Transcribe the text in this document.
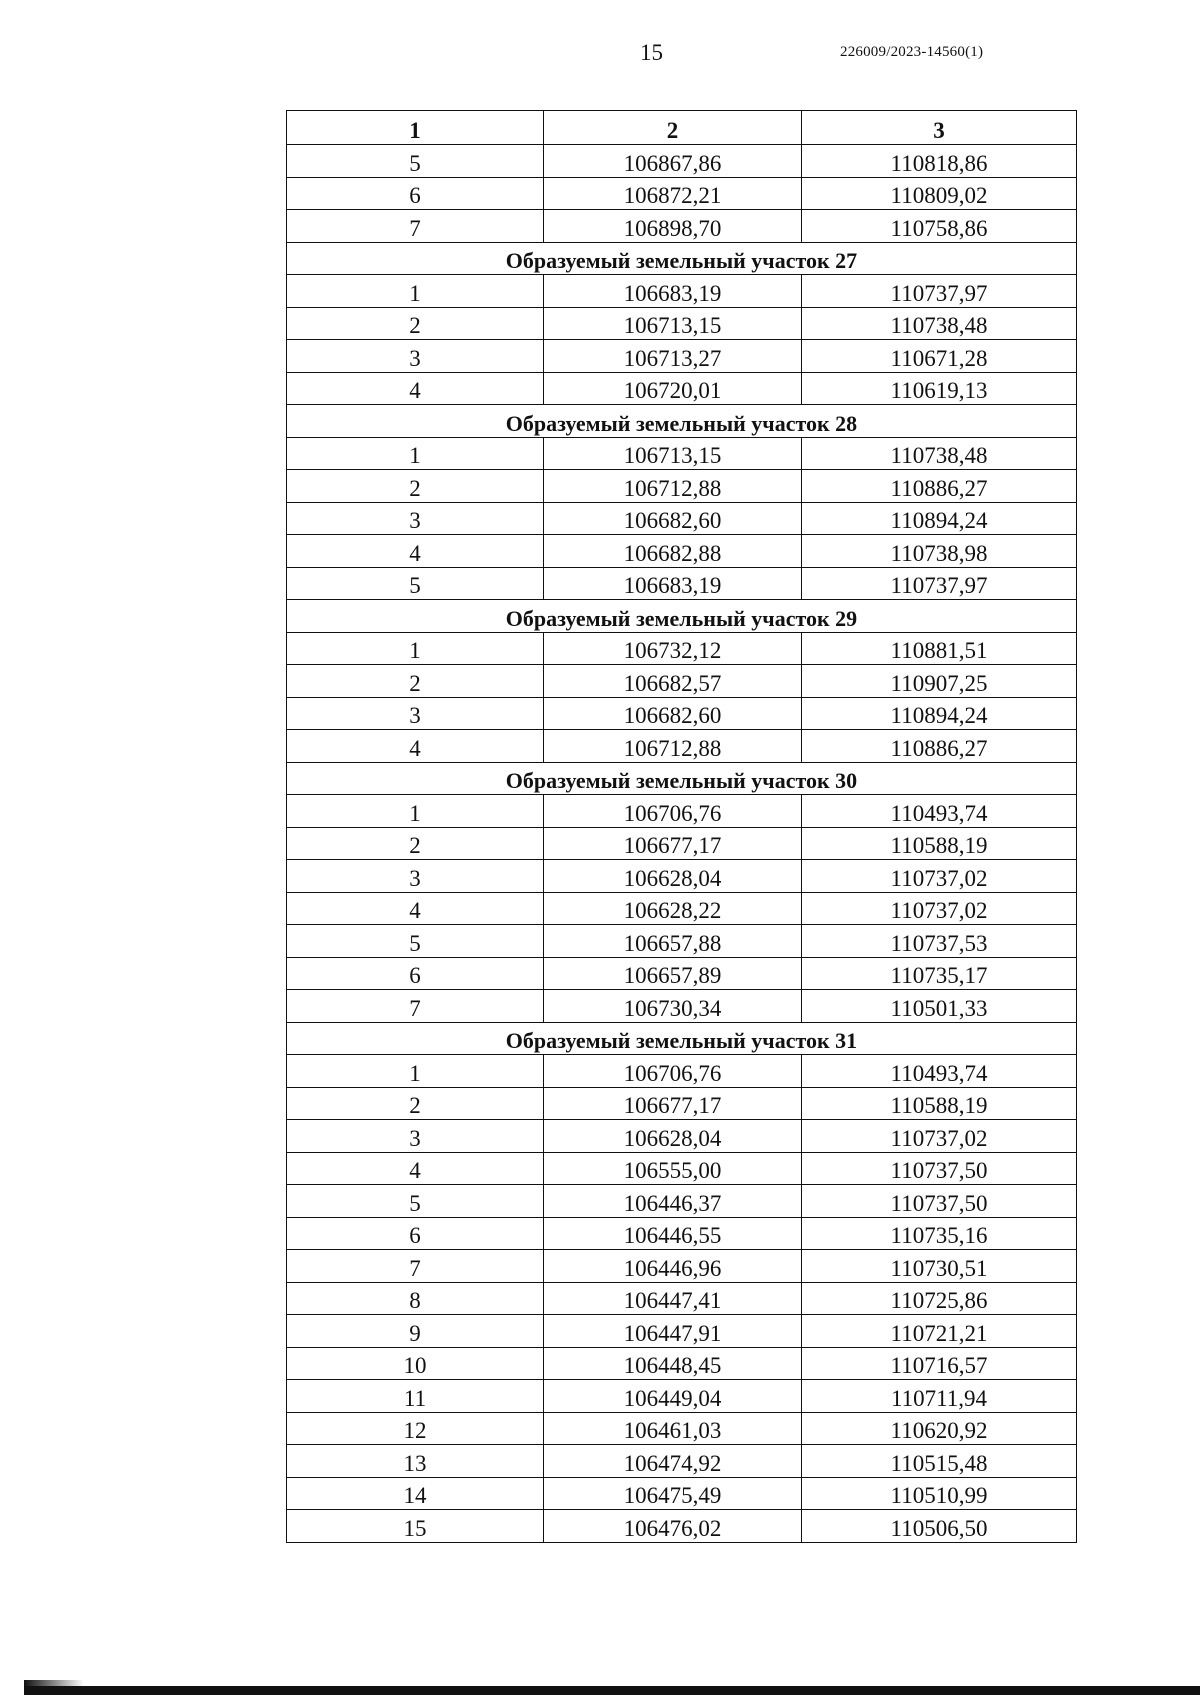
15	226009/2023-14560(1)
1	2	3
5	106867,86	110818,86
6	106872,21	110809,02
7	106898,70	110758,86
Образуемый земельный участок 27		
1	106683,19	110737,97
2	106713,15	110738,48
3	106713,27	110671,28
4	106720,01	110619,13
Образуемый земельный участок 28		
1	106713,15	110738,48
2	106712,88	110886,27
3	106682,60	110894,24
4	106682,88	110738,98
5	106683,19	110737,97
Образуемый земельный участок 29		
1	106732,12	110881,51
2	106682,57	110907,25
3	106682,60	110894,24
4	106712,88	110886,27
Образуемый земельный участок 30		
1	106706,76	110493,74
2	106677,17	110588,19
3	106628,04	110737,02
4	106628,22	110737,02
5	106657,88	110737,53
6	106657,89	110735,17
7	106730,34	110501,33
Образуемый земельный участок 31		
1	106706,76	110493,74
2	106677,17	110588,19
3	106628,04	110737,02
4	106555,00	110737,50
5	106446,37	110737,50
6	106446,55	110735,16
7	106446,96	110730,51
8	106447,41	110725,86
9	106447,91	110721,21
10	106448,45	110716,57
11	106449,04	110711,94
12	106461,03	110620,92
13	106474,92	110515,48
14	106475,49	110510,99
15	106476,02	110506,50
